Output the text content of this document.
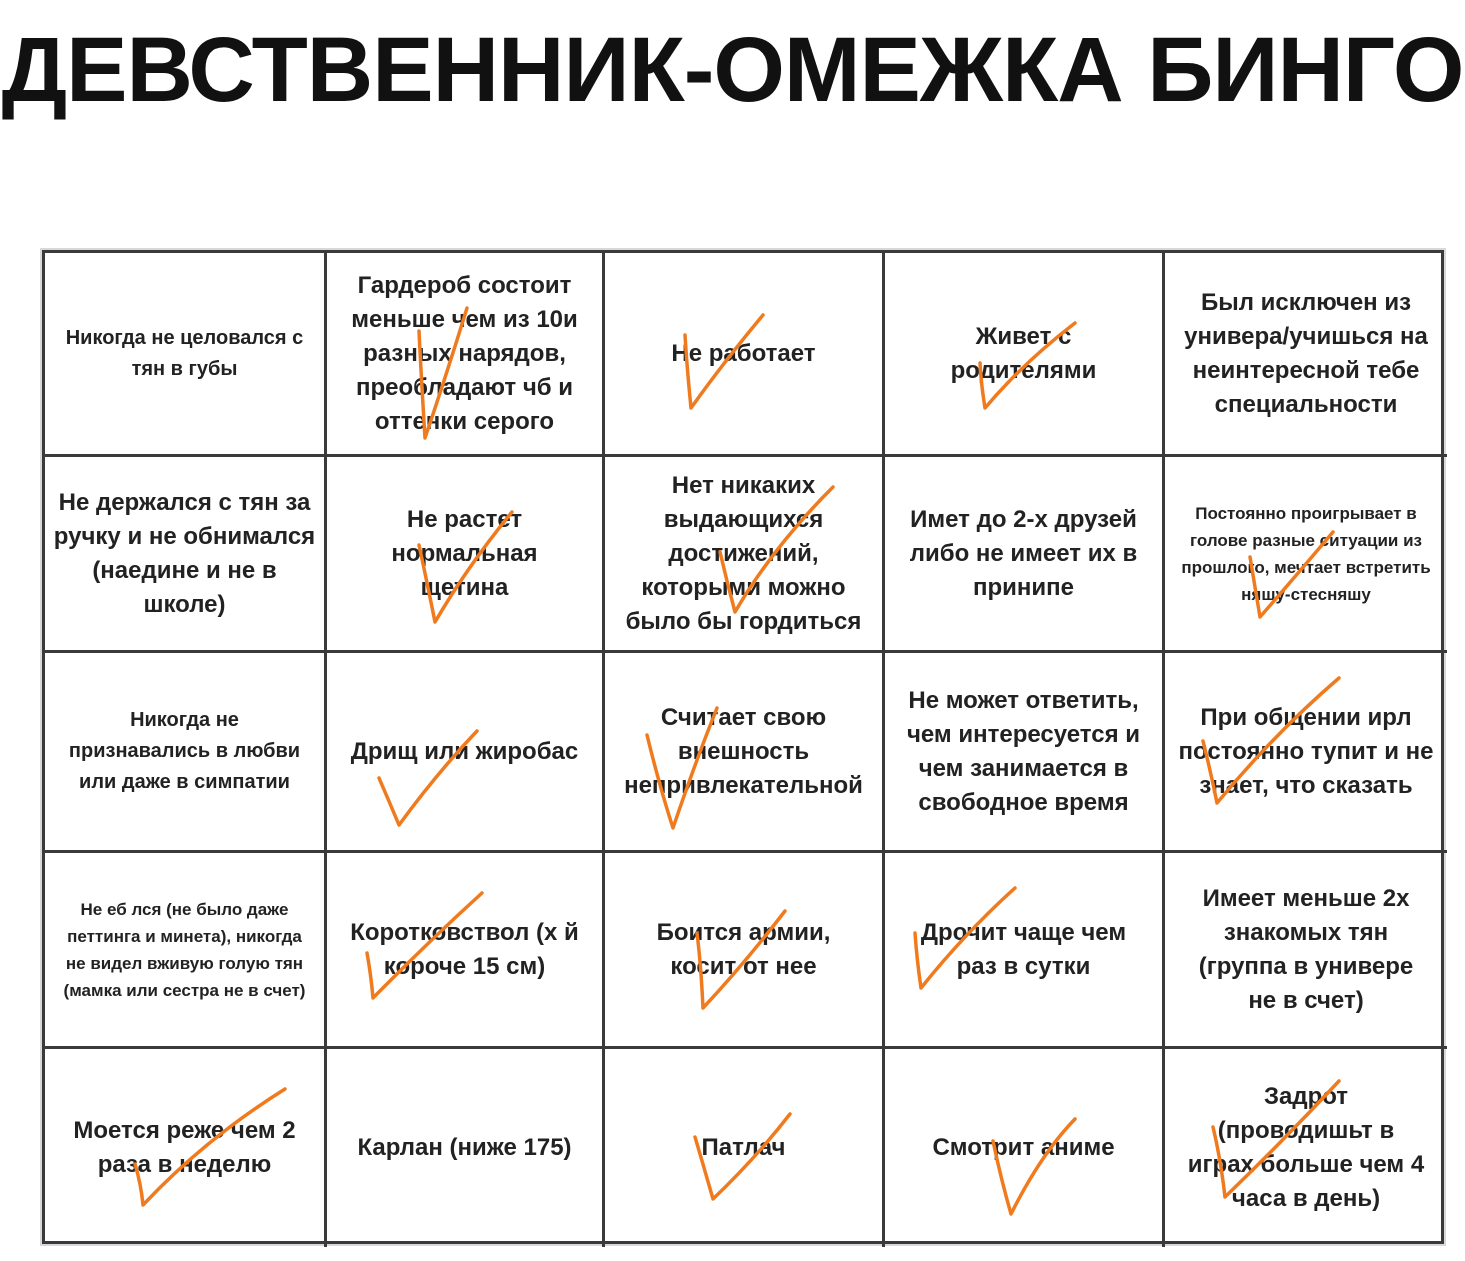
ДЕВСТВЕННИК-ОМЕЖКА БИНГО
Никогда не целовался с тян в губы
Гардероб состоит меньше чем из 10и разных нарядов, преобладают чб и оттенки серого
Не работает
Живет с родителями
Был исключен из универа/учишься на неинтересной тебе специальности
Не держался с тян за ручку и не обнимался (наедине и не в школе)
Не растет нормальная щетина
Нет никаких выдающихся достижений, которыми можно было бы гордиться
Имет до 2-х друзей либо не имеет их в принипе
Постоянно проигрывает в голове разные ситуации из прошлого, мечтает встретить няшу-стесняшу
Никогда не признавались в любви или даже в симпатии
Дрищ или жиробас
Считает свою внешность непривлекательной
Не может ответить, чем интересуется и чем занимается в свободное время
При общении ирл постоянно тупит и не знает, что сказать
Не еб лся (не было даже петтинга и минета), никогда не видел вживую голую тян (мамка или сестра не в счет)
Коротковствол (х й короче 15 см)
Боится армии, косит от нее
Дрочит чаще чем раз в сутки
Имеет меньше 2х знакомых тян (группа в универе не в счет)
Моется реже чем 2 раза в неделю
Карлан (ниже 175)	Патлач	Смотрит аниме
Задрот (проводишьт в играх больше чем 4 часа в день)
